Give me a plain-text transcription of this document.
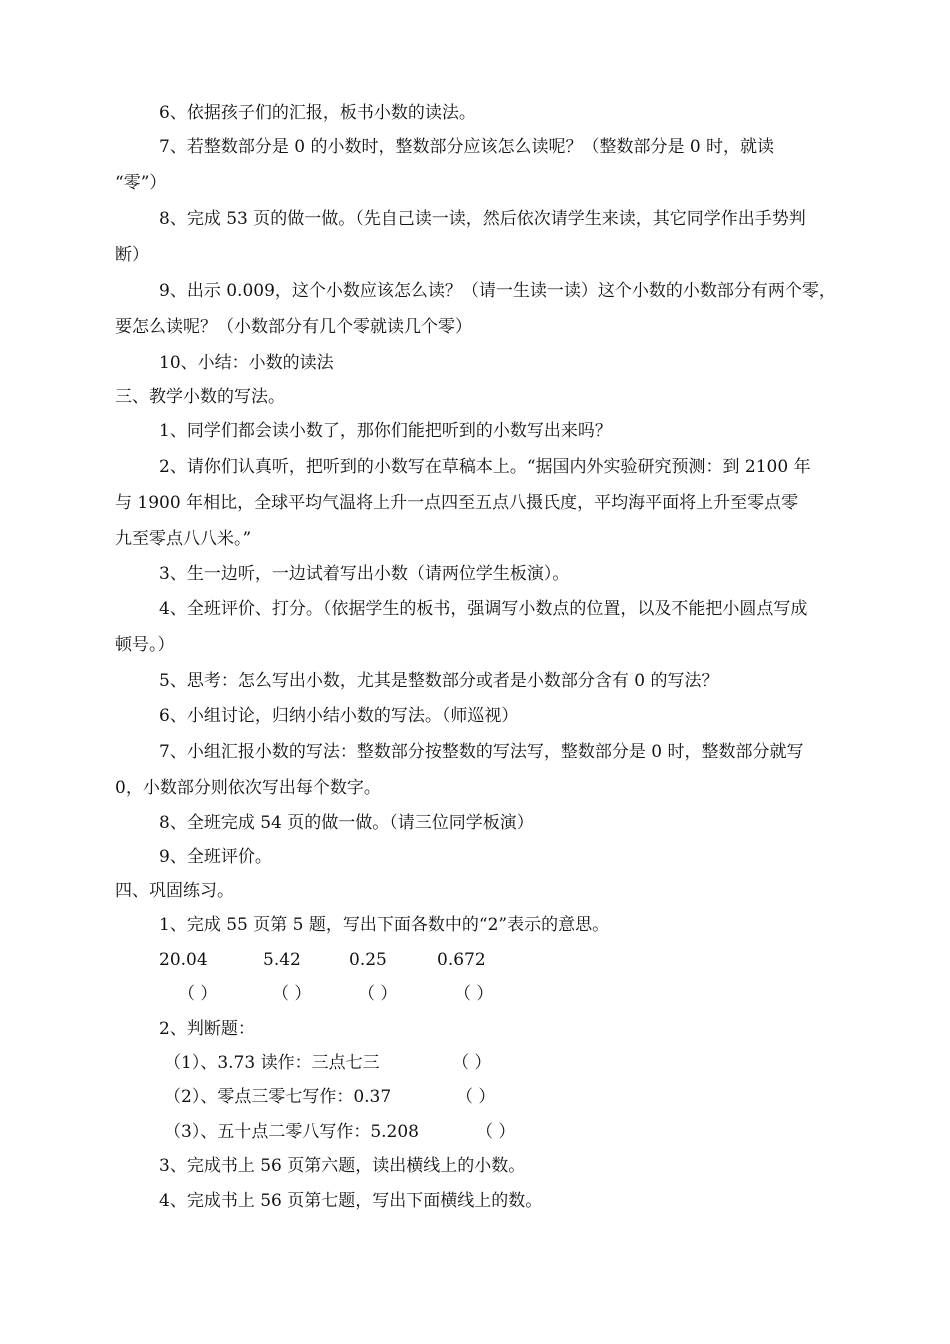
6、依据孩子们的汇报，板书小数的读法。
7、若整数部分是 0 的小数时，整数部分应该怎么读呢？（整数部分是 0 时，就读
“零”）
8、完成 53 页的做一做。（先自己读一读，然后依次请学生来读，其它同学作出手势判
断）
9、出示 0.009，这个小数应该怎么读？（请一生读一读）这个小数的小数部分有两个零，
要怎么读呢？（小数部分有几个零就读几个零）
10、小结：小数的读法
三、教学小数的写法。
1、同学们都会读小数了，那你们能把听到的小数写出来吗？
2、请你们认真听，把听到的小数写在草稿本上。“据国内外实验研究预测：到 2100 年
与 1900 年相比，全球平均气温将上升一点四至五点八摄氏度，平均海平面将上升至零点零
九至零点八八米。”
3、生一边听，一边试着写出小数（请两位学生板演）。
4、全班评价、打分。（依据学生的板书，强调写小数点的位置，以及不能把小圆点写成
顿号。）
5、思考：怎么写出小数，尤其是整数部分或者是小数部分含有 0 的写法？
6、小组讨论，归纳小结小数的写法。（师巡视）
7、小组汇报小数的写法：整数部分按整数的写法写，整数部分是 0 时，整数部分就写
0，小数部分则依次写出每个数字。
8、全班完成 54 页的做一做。（请三位同学板演）
9、全班评价。
四、巩固练习。
1、完成 55 页第 5 题，写出下面各数中的“2”表示的意思。
20.04	5.42	0.25	0.672
（ ）	（ ）	（ ）	（ ）
2、判断题：
（1）、3.73 读作：三点七三	（ ）
（2）、零点三零七写作：0.37	（ ）
（3）、五十点二零八写作：5.208	（ ）
3、完成书上 56 页第六题，读出横线上的小数。
4、完成书上 56 页第七题，写出下面横线上的数。
